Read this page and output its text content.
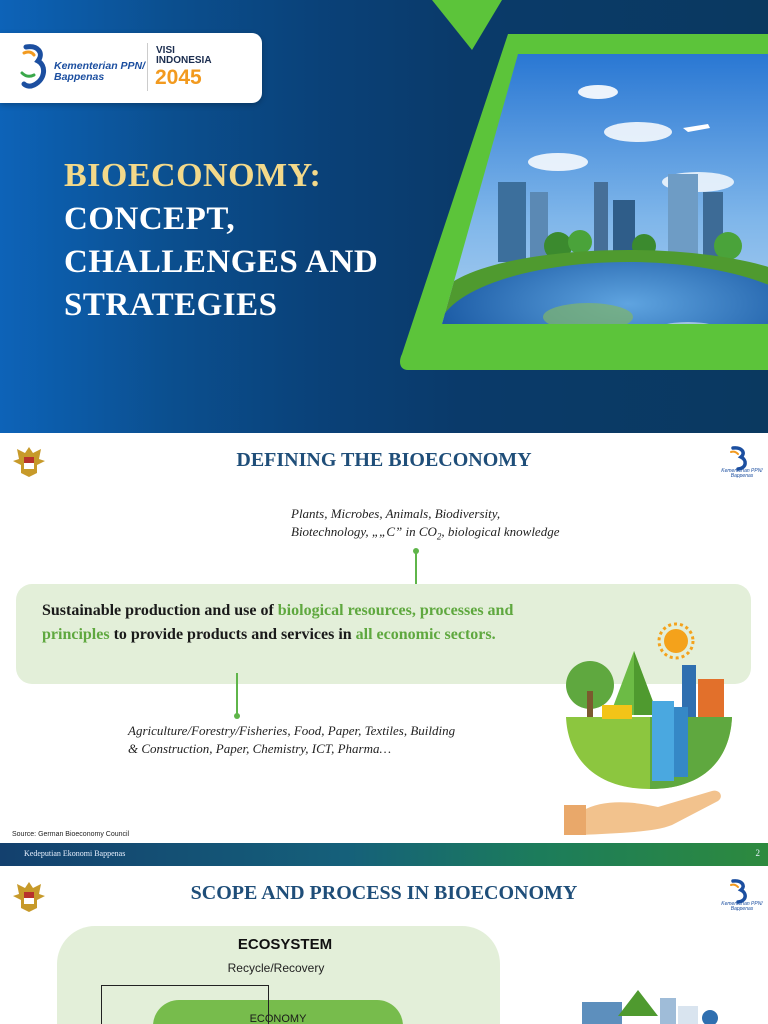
Kementerian PPN/ Bappenas
VISI
INDONESIA
2045
BIOECONOMY:
CONCEPT,
CHALLENGES AND
STRATEGIES
DEFINING THE BIOECONOMY	Kementerian PPN/ Bappenas
Plants, Microbes, Animals, Biodiversity,
Biotechnology, „„C” in $CO_2$, biological knowledge
Sustainable production and use of biological resources, processes and principles to provide products and services in all economic sectors.
Agriculture/Forestry/Fisheries, Food, Paper, Textiles, Building & Construction, Paper, Chemistry, ICT, Pharma…
Source: German Bioeconomy Council
Kedeputian Ekonomi Bappenas	2
SCOPE AND PROCESS IN BIOECONOMY	Kementerian PPN/ Bappenas
ECOSYSTEM
Recycle/Recovery
ECONOMY
